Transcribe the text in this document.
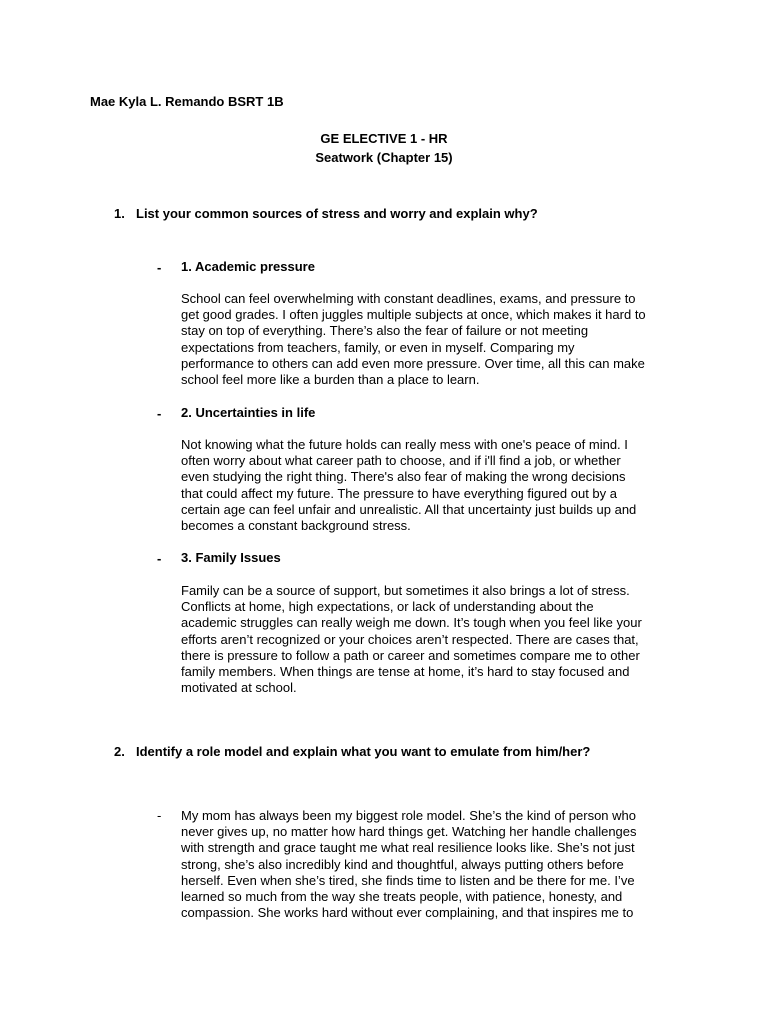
Mae Kyla L. Remando BSRT 1B
GE ELECTIVE 1 - HR
Seatwork (Chapter 15)
1. List your common sources of stress and worry and explain why?
- 1. Academic pressure
School can feel overwhelming with constant deadlines, exams, and pressure to
get good grades. I often juggles multiple subjects at once, which makes it hard to
stay on top of everything. There’s also the fear of failure or not meeting
expectations from teachers, family, or even in myself. Comparing my
performance to others can add even more pressure. Over time, all this can make
school feel more like a burden than a place to learn.
- 2. Uncertainties in life
Not knowing what the future holds can really mess with one's peace of mind. I
often worry about what career path to choose, and if i'll find a job, or whether
even studying the right thing. There's also fear of making the wrong decisions
that could affect my future. The pressure to have everything figured out by a
certain age can feel unfair and unrealistic. All that uncertainty just builds up and
becomes a constant background stress.
- 3. Family Issues
Family can be a source of support, but sometimes it also brings a lot of stress.
Conflicts at home, high expectations, or lack of understanding about the
academic struggles can really weigh me down. It’s tough when you feel like your
efforts aren’t recognized or your choices aren’t respected. There are cases that,
there is pressure to follow a path or career and sometimes compare me to other
family members. When things are tense at home, it’s hard to stay focused and
motivated at school.
2. Identify a role model and explain what you want to emulate from him/her?
- My mom has always been my biggest role model. She’s the kind of person who
never gives up, no matter how hard things get. Watching her handle challenges
with strength and grace taught me what real resilience looks like. She’s not just
strong, she’s also incredibly kind and thoughtful, always putting others before
herself. Even when she’s tired, she finds time to listen and be there for me. I’ve
learned so much from the way she treats people, with patience, honesty, and
compassion. She works hard without ever complaining, and that inspires me to
